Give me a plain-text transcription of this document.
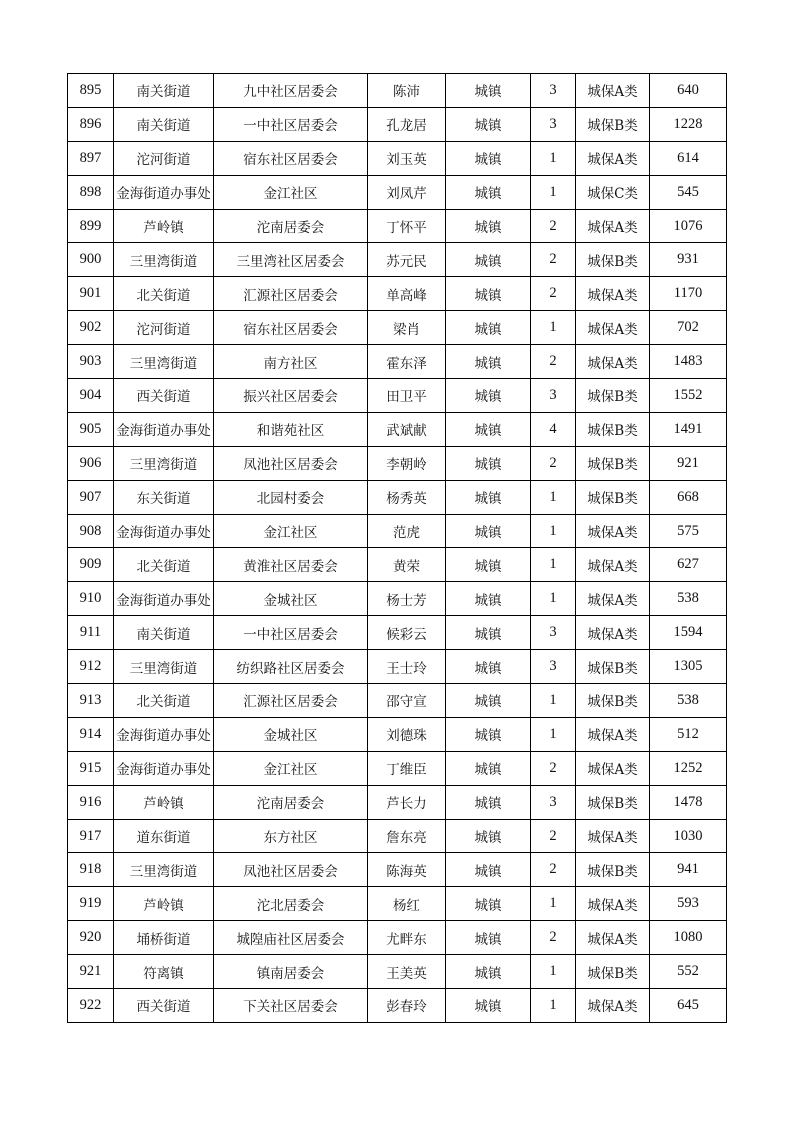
895	南关街道	九中社区居委会	陈沛	城镇	3	城保A类	640
896	南关街道	一中社区居委会	孔龙居	城镇	3	城保B类	1228
897	沱河街道	宿东社区居委会	刘玉英	城镇	1	城保A类	614
898	金海街道办事处	金江社区	刘凤芹	城镇	1	城保C类	545
899	芦岭镇	沱南居委会	丁怀平	城镇	2	城保A类	1076
900	三里湾街道	三里湾社区居委会	苏元民	城镇	2	城保B类	931
901	北关街道	汇源社区居委会	单高峰	城镇	2	城保A类	1170
902	沱河街道	宿东社区居委会	梁肖	城镇	1	城保A类	702
903	三里湾街道	南方社区	霍东泽	城镇	2	城保A类	1483
904	西关街道	振兴社区居委会	田卫平	城镇	3	城保B类	1552
905	金海街道办事处	和谐苑社区	武斌献	城镇	4	城保B类	1491
906	三里湾街道	凤池社区居委会	李朝岭	城镇	2	城保B类	921
907	东关街道	北园村委会	杨秀英	城镇	1	城保B类	668
908	金海街道办事处	金江社区	范虎	城镇	1	城保A类	575
909	北关街道	黄淮社区居委会	黄荣	城镇	1	城保A类	627
910	金海街道办事处	金城社区	杨士芳	城镇	1	城保A类	538
911	南关街道	一中社区居委会	候彩云	城镇	3	城保A类	1594
912	三里湾街道	纺织路社区居委会	王士玲	城镇	3	城保B类	1305
913	北关街道	汇源社区居委会	邵守宣	城镇	1	城保B类	538
914	金海街道办事处	金城社区	刘德珠	城镇	1	城保A类	512
915	金海街道办事处	金江社区	丁维臣	城镇	2	城保A类	1252
916	芦岭镇	沱南居委会	芦长力	城镇	3	城保B类	1478
917	道东街道	东方社区	詹东亮	城镇	2	城保A类	1030
918	三里湾街道	凤池社区居委会	陈海英	城镇	2	城保B类	941
919	芦岭镇	沱北居委会	杨红	城镇	1	城保A类	593
920	埇桥街道	城隍庙社区居委会	尤畔东	城镇	2	城保A类	1080
921	符离镇	镇南居委会	王美英	城镇	1	城保B类	552
922	西关街道	下关社区居委会	彭春玲	城镇	1	城保A类	645
